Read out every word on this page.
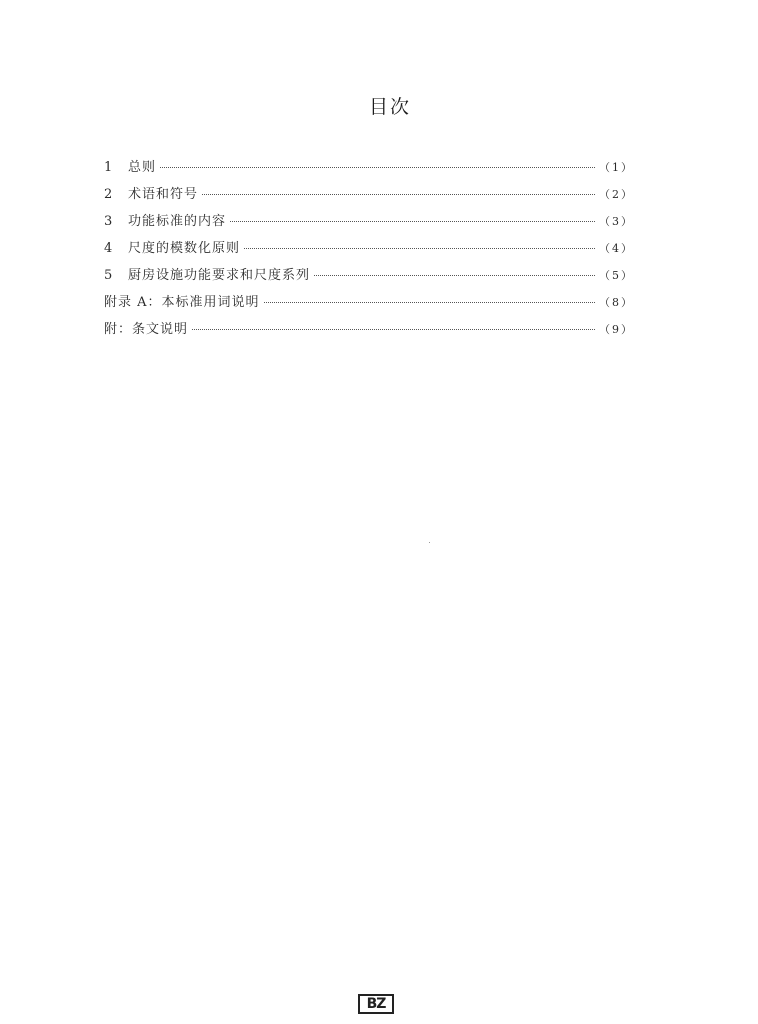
目次
1	总则	（1）
2	术语和符号	（2）
3	功能标准的内容	（3）
4	尺度的模数化原则	（4）
5	厨房设施功能要求和尺度系列	（5）
附录 A：本标准用词说明	（8）
附：条文说明	（9）
BZ
